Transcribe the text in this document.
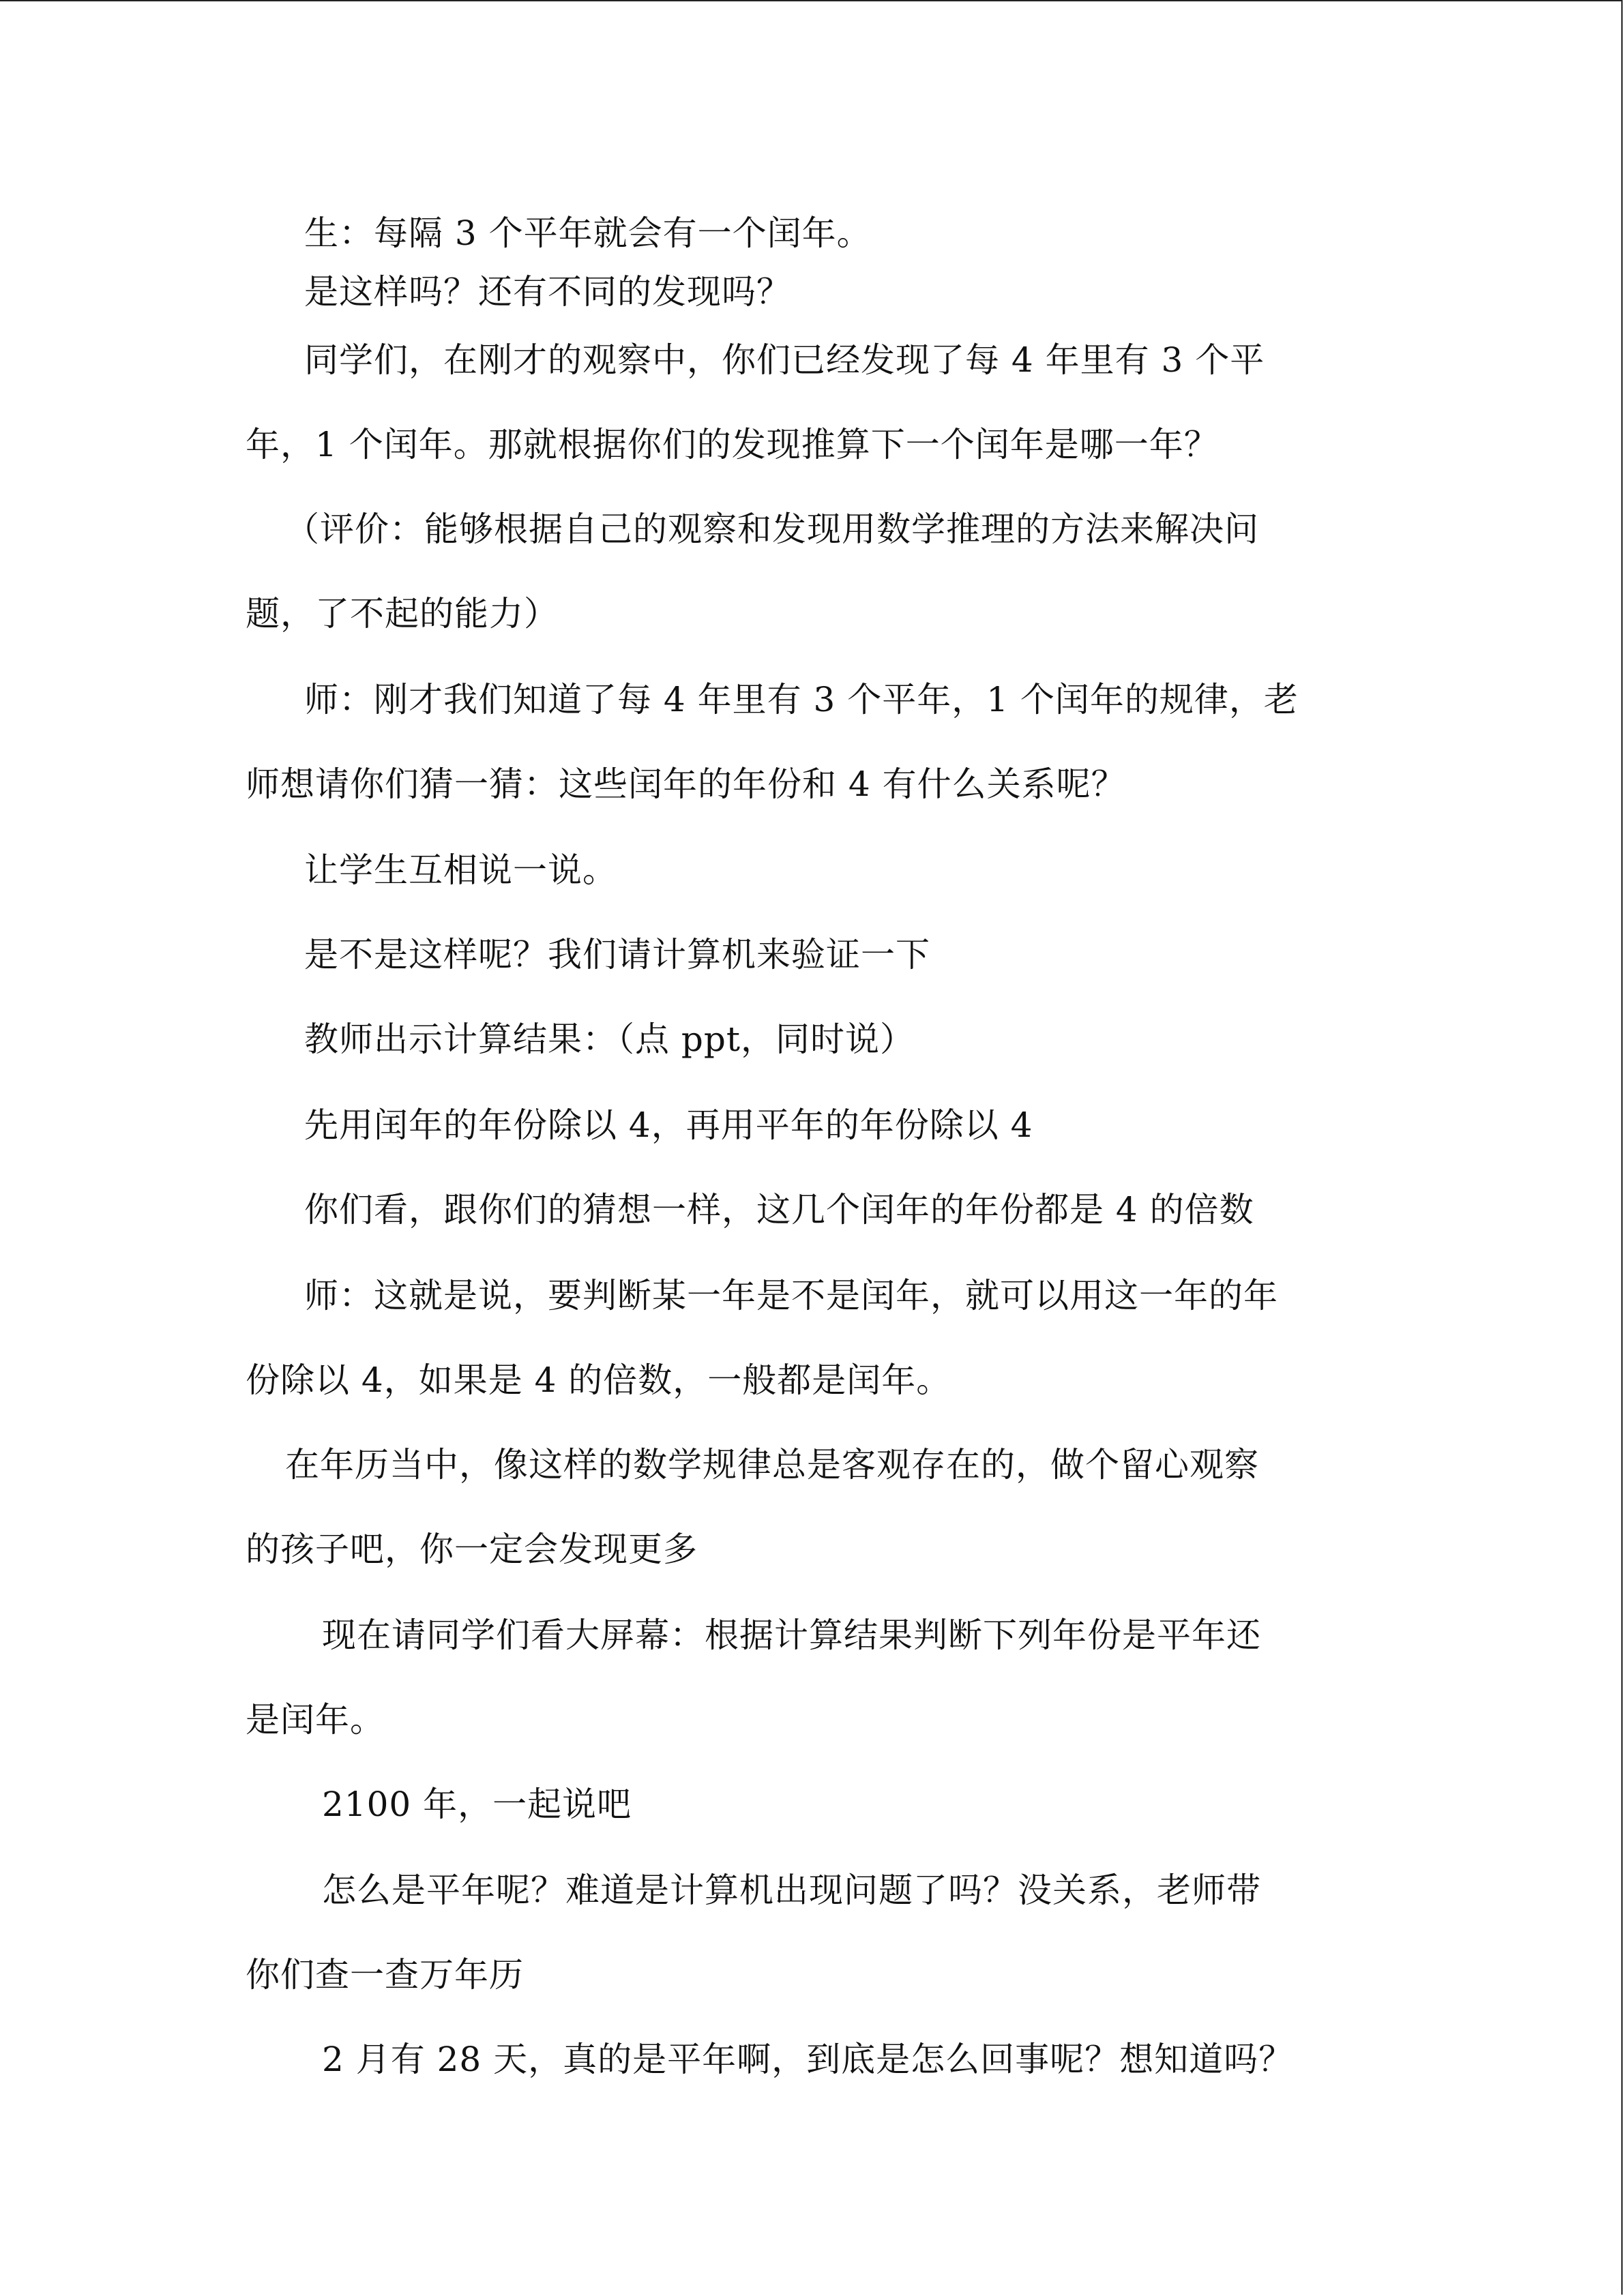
生：每隔 3 个平年就会有一个闰年。
是这样吗？还有不同的发现吗？
同学们，在刚才的观察中，你们已经发现了每 4 年里有 3 个平
年，1 个闰年。那就根据你们的发现推算下一个闰年是哪一年？
（评价：能够根据自己的观察和发现用数学推理的方法来解决问
题，了不起的能力）
师：刚才我们知道了每 4 年里有 3 个平年，1 个闰年的规律，老
师想请你们猜一猜：这些闰年的年份和 4 有什么关系呢？
让学生互相说一说。
是不是这样呢？我们请计算机来验证一下
教师出示计算结果：（点 ppt，同时说）
先用闰年的年份除以 4，再用平年的年份除以 4
你们看，跟你们的猜想一样，这几个闰年的年份都是 4 的倍数
师：这就是说，要判断某一年是不是闰年，就可以用这一年的年
份除以 4，如果是 4 的倍数，一般都是闰年。
在年历当中，像这样的数学规律总是客观存在的，做个留心观察
的孩子吧，你一定会发现更多
现在请同学们看大屏幕：根据计算结果判断下列年份是平年还
是闰年。
2100 年，一起说吧
怎么是平年呢？难道是计算机出现问题了吗？没关系，老师带
你们查一查万年历
2 月有 28 天，真的是平年啊，到底是怎么回事呢？想知道吗？
